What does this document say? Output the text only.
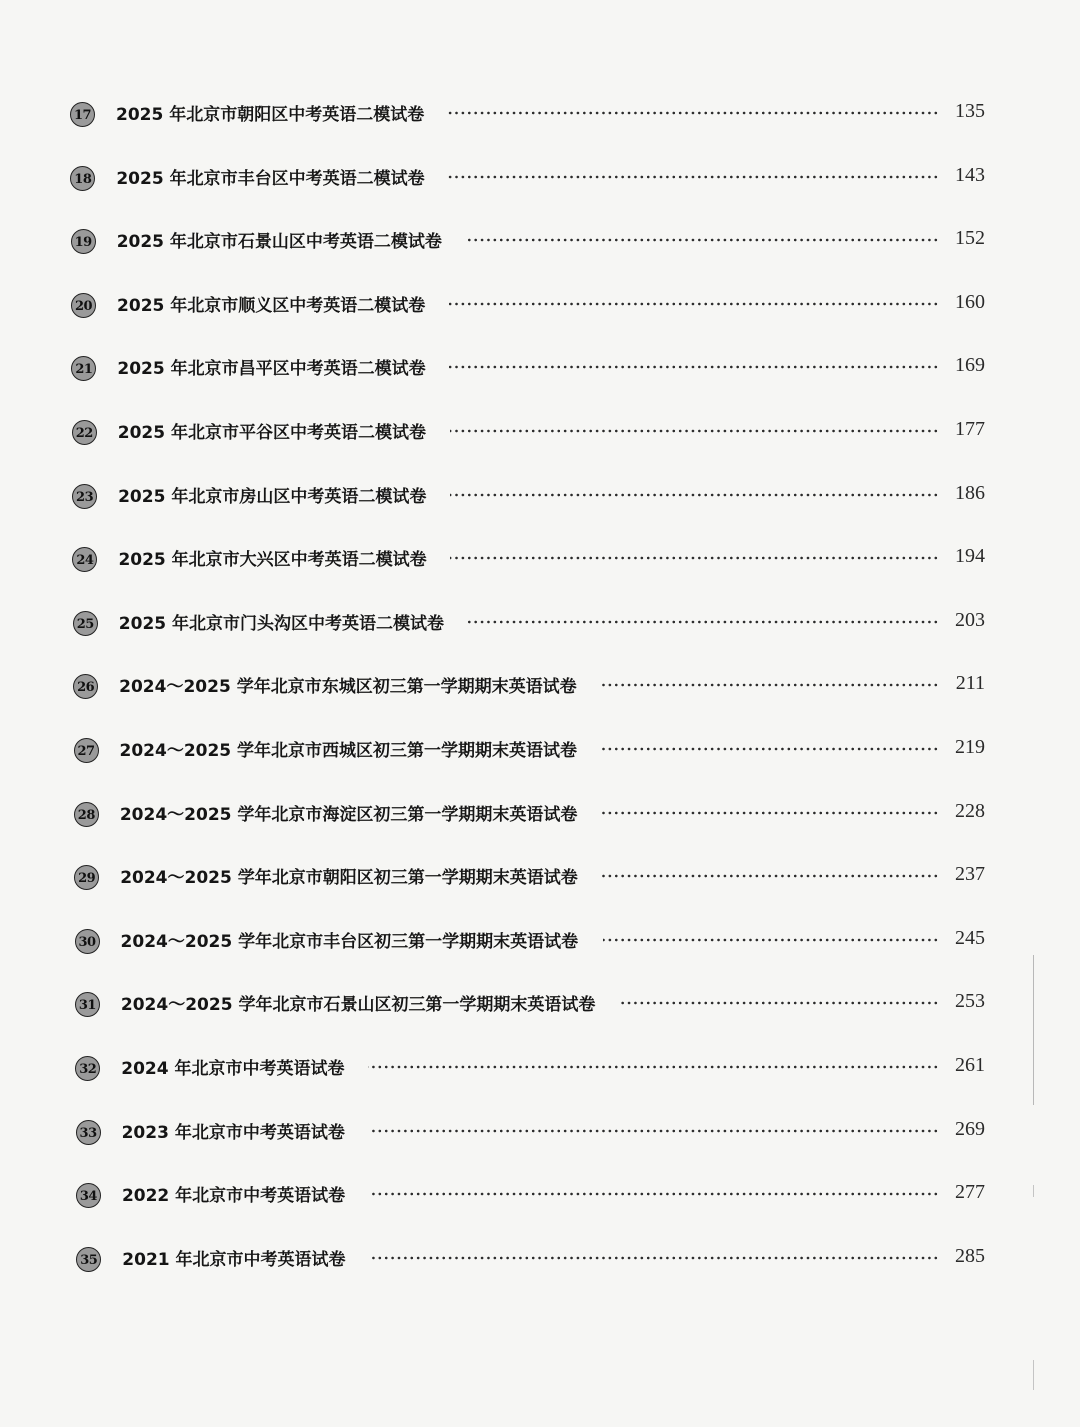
17 2025 年北京市朝阳区中考英语二模试卷	135
18 2025 年北京市丰台区中考英语二模试卷	143
19 2025 年北京市石景山区中考英语二模试卷	152
20 2025 年北京市顺义区中考英语二模试卷	160
21 2025 年北京市昌平区中考英语二模试卷	169
22 2025 年北京市平谷区中考英语二模试卷	177
23 2025 年北京市房山区中考英语二模试卷	186
24 2025 年北京市大兴区中考英语二模试卷	194
25 2025 年北京市门头沟区中考英语二模试卷	203
26 2024～2025 学年北京市东城区初三第一学期期末英语试卷	211
27 2024～2025 学年北京市西城区初三第一学期期末英语试卷	219
28 2024～2025 学年北京市海淀区初三第一学期期末英语试卷	228
29 2024～2025 学年北京市朝阳区初三第一学期期末英语试卷	237
30 2024～2025 学年北京市丰台区初三第一学期期末英语试卷	245
31 2024～2025 学年北京市石景山区初三第一学期期末英语试卷	253
32 2024 年北京市中考英语试卷	261
33 2023 年北京市中考英语试卷	269
34 2022 年北京市中考英语试卷	277
35 2021 年北京市中考英语试卷	285
